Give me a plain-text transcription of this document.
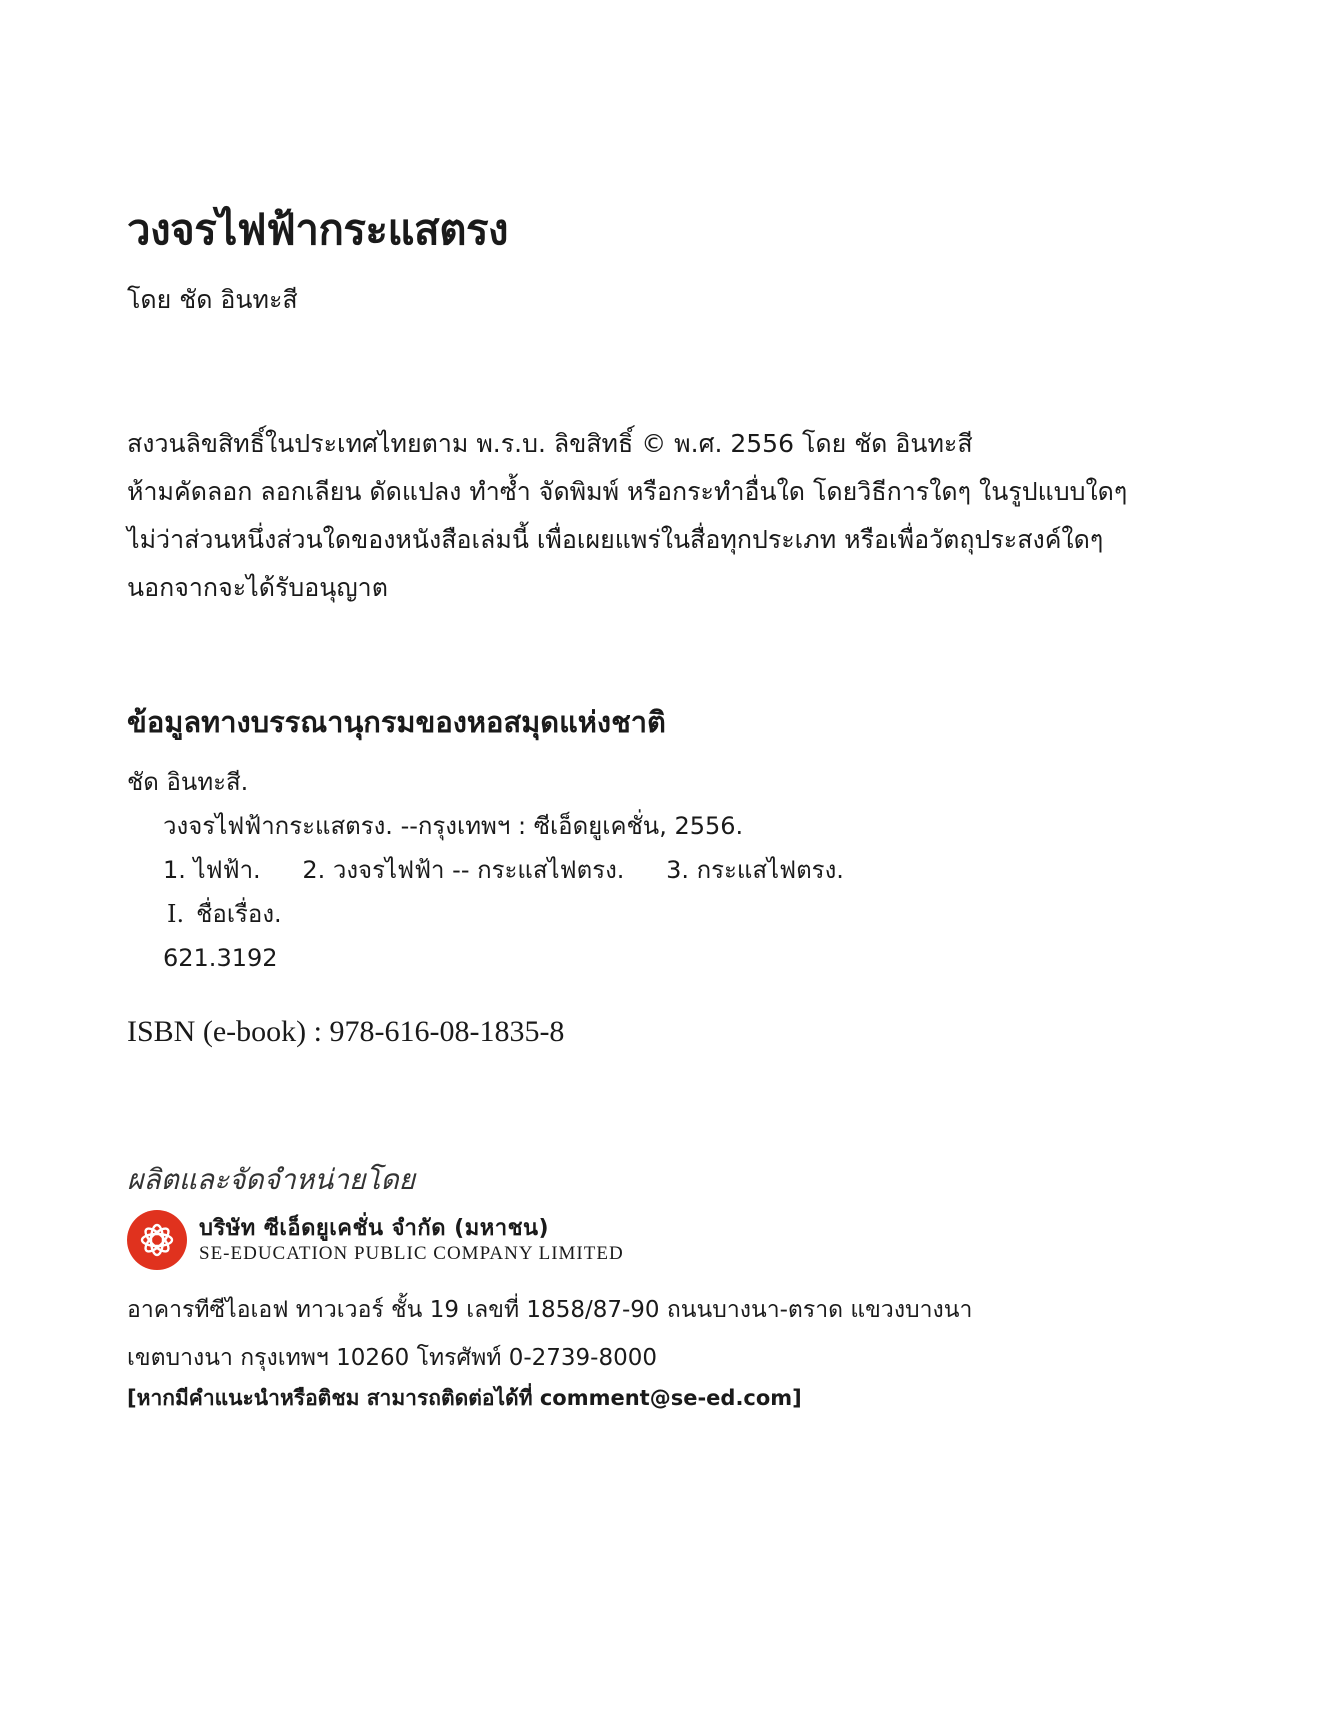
วงจรไฟฟ้ากระแสตรง
โดย ชัด อินทะสี
สงวนลิขสิทธิ์ในประเทศไทยตาม พ.ร.บ. ลิขสิทธิ์ © พ.ศ. 2556 โดย ชัด อินทะสี
ห้ามคัดลอก ลอกเลียน ดัดแปลง ทำซ้ำ จัดพิมพ์ หรือกระทำอื่นใด โดยวิธีการใดๆ ในรูปแบบใดๆ
ไม่ว่าส่วนหนึ่งส่วนใดของหนังสือเล่มนี้ เพื่อเผยแพร่ในสื่อทุกประเภท หรือเพื่อวัตถุประสงค์ใดๆ
นอกจากจะได้รับอนุญาต
ข้อมูลทางบรรณานุกรมของหอสมุดแห่งชาติ
ชัด อินทะสี.
วงจรไฟฟ้ากระแสตรง. --กรุงเทพฯ : ซีเอ็ดยูเคชั่น, 2556.
1. ไฟฟ้า. 2. วงจรไฟฟ้า -- กระแสไฟตรง. 3. กระแสไฟตรง.
I. ชื่อเรื่อง.
621.3192
ISBN (e-book) : 978-616-08-1835-8
ผลิตและจัดจำหน่ายโดย
บริษัท ซีเอ็ดยูเคชั่น จำกัด (มหาชน)
SE-EDUCATION PUBLIC COMPANY LIMITED
อาคารทีซีไอเอฟ ทาวเวอร์ ชั้น 19 เลขที่ 1858/87-90 ถนนบางนา-ตราด แขวงบางนา
เขตบางนา กรุงเทพฯ 10260 โทรศัพท์ 0-2739-8000
[หากมีคำแนะนำหรือติชม สามารถติดต่อได้ที่ comment@se-ed.com]
